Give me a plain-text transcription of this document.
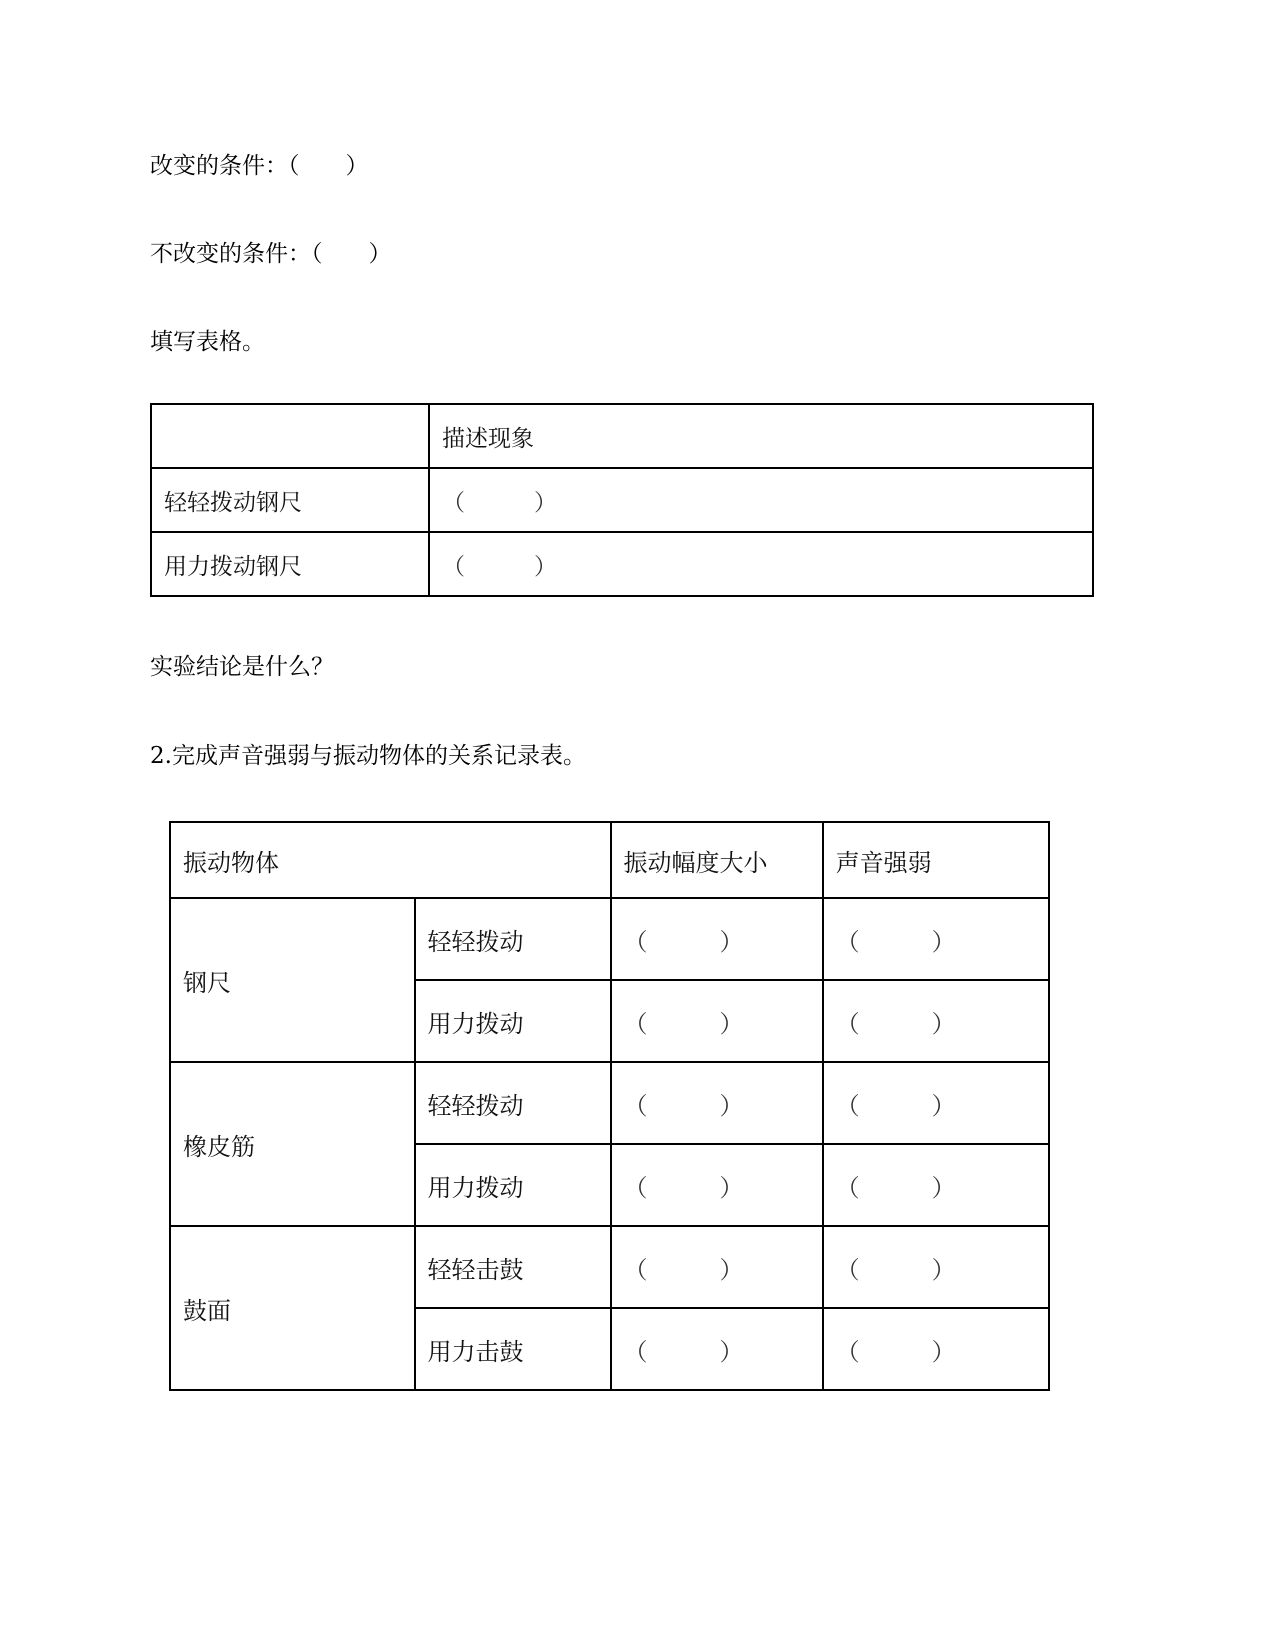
改变的条件：（　　）
不改变的条件：（　　）
填写表格。
	描述现象
轻轻拨动钢尺	（　　　）
用力拨动钢尺	（　　　）
实验结论是什么？
2.完成声音强弱与振动物体的关系记录表。
振动物体		振动幅度大小	声音强弱
钢尺	轻轻拨动	（　　　）	（　　　）
	用力拨动	（　　　）	（　　　）
橡皮筋	轻轻拨动	（　　　）	（　　　）
	用力拨动	（　　　）	（　　　）
鼓面	轻轻击鼓	（　　　）	（　　　）
	用力击鼓	（　　　）	（　　　）
